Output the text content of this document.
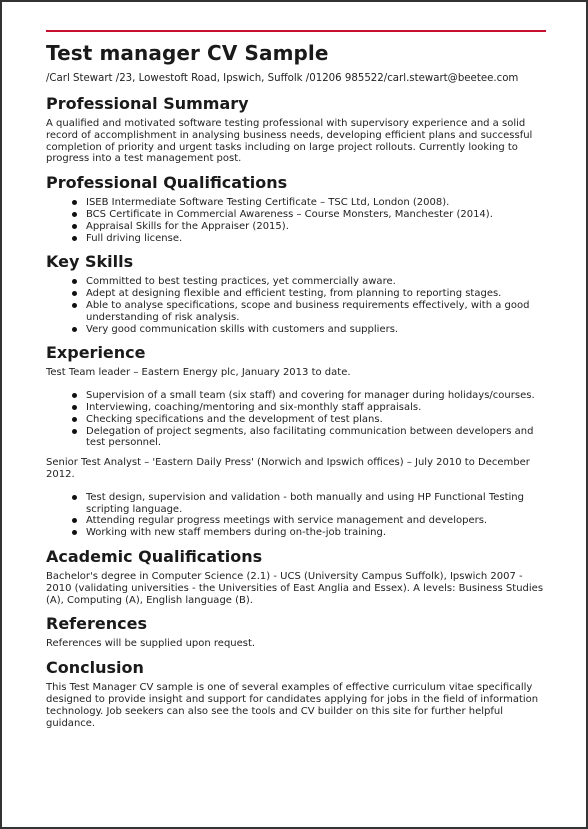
Test manager CV Sample
/Carl Stewart /23, Lowestoft Road, Ipswich, Suffolk /01206 985522/carl.stewart@beetee.com
Professional Summary

A qualified and motivated software testing professional with supervisory experience and a solid record of accomplishment in analysing business needs, developing efficient plans and successful completion of priority and urgent tasks including on large project rollouts. Currently looking to progress into a test management post.

Professional Qualifications
ISEB Intermediate Software Testing Certificate – TSC Ltd, London (2008).
BCS Certificate in Commercial Awareness – Course Monsters, Manchester (2014).
Appraisal Skills for the Appraiser (2015).
Full driving license.
Key Skills
Committed to best testing practices, yet commercially aware.
Adept at designing flexible and efficient testing, from planning to reporting stages.
Able to analyse specifications, scope and business requirements effectively, with a good understanding of risk analysis.
Very good communication skills with customers and suppliers.
Experience

Test Team leader – Eastern Energy plc, January 2013 to date.

Supervision of a small team (six staff) and covering for manager during holidays/courses.
Interviewing, coaching/mentoring and six-monthly staff appraisals.
Checking specifications and the development of test plans.
Delegation of project segments, also facilitating communication between developers and test personnel.

Senior Test Analyst – 'Eastern Daily Press' (Norwich and Ipswich offices) – July 2010 to December 2012.

Test design, supervision and validation - both manually and using HP Functional Testing scripting language.
Attending regular progress meetings with service management and developers.
Working with new staff members during on-the-job training.
Academic Qualifications

Bachelor's degree in Computer Science (2.1) - UCS (University Campus Suffolk), Ipswich 2007 - 2010 (validating universities - the Universities of East Anglia and Essex). A levels: Business Studies (A), Computing (A), English language (B).

References

References will be supplied upon request.

Conclusion

This Test Manager CV sample is one of several examples of effective curriculum vitae specifically designed to provide insight and support for candidates applying for jobs in the field of information technology. Job seekers can also see the tools and CV builder on this site for further helpful guidance.
